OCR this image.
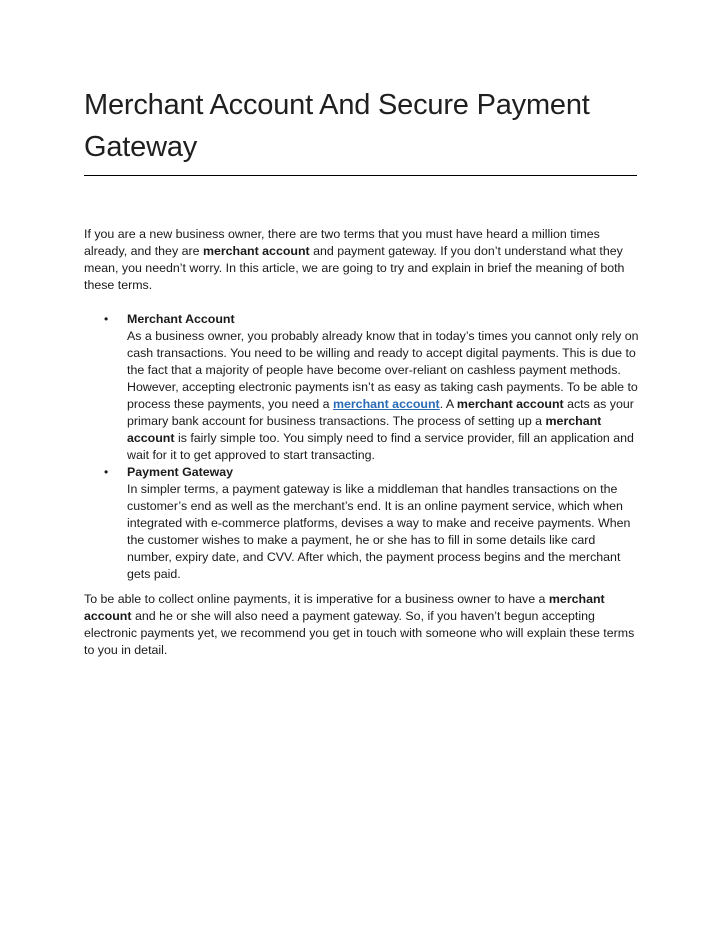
Merchant Account And Secure Payment Gateway

If you are a new business owner, there are two terms that you must have heard a million times already, and they are merchant account and payment gateway. If you don’t understand what they mean, you needn’t worry. In this article, we are going to try and explain in brief the meaning of both these terms.

• Merchant Account
As a business owner, you probably already know that in today’s times you cannot only rely on cash transactions. You need to be willing and ready to accept digital payments. This is due to the fact that a majority of people have become over-reliant on cashless payment methods. However, accepting electronic payments isn’t as easy as taking cash payments. To be able to process these payments, you need a merchant account. A merchant account acts as your primary bank account for business transactions. The process of setting up a merchant account is fairly simple too. You simply need to find a service provider, fill an application and wait for it to get approved to start transacting.
• Payment Gateway
In simpler terms, a payment gateway is like a middleman that handles transactions on the customer’s end as well as the merchant’s end. It is an online payment service, which when integrated with e-commerce platforms, devises a way to make and receive payments. When the customer wishes to make a payment, he or she has to fill in some details like card number, expiry date, and CVV. After which, the payment process begins and the merchant gets paid.

To be able to collect online payments, it is imperative for a business owner to have a merchant account and he or she will also need a payment gateway. So, if you haven’t begun accepting electronic payments yet, we recommend you get in touch with someone who will explain these terms to you in detail.
